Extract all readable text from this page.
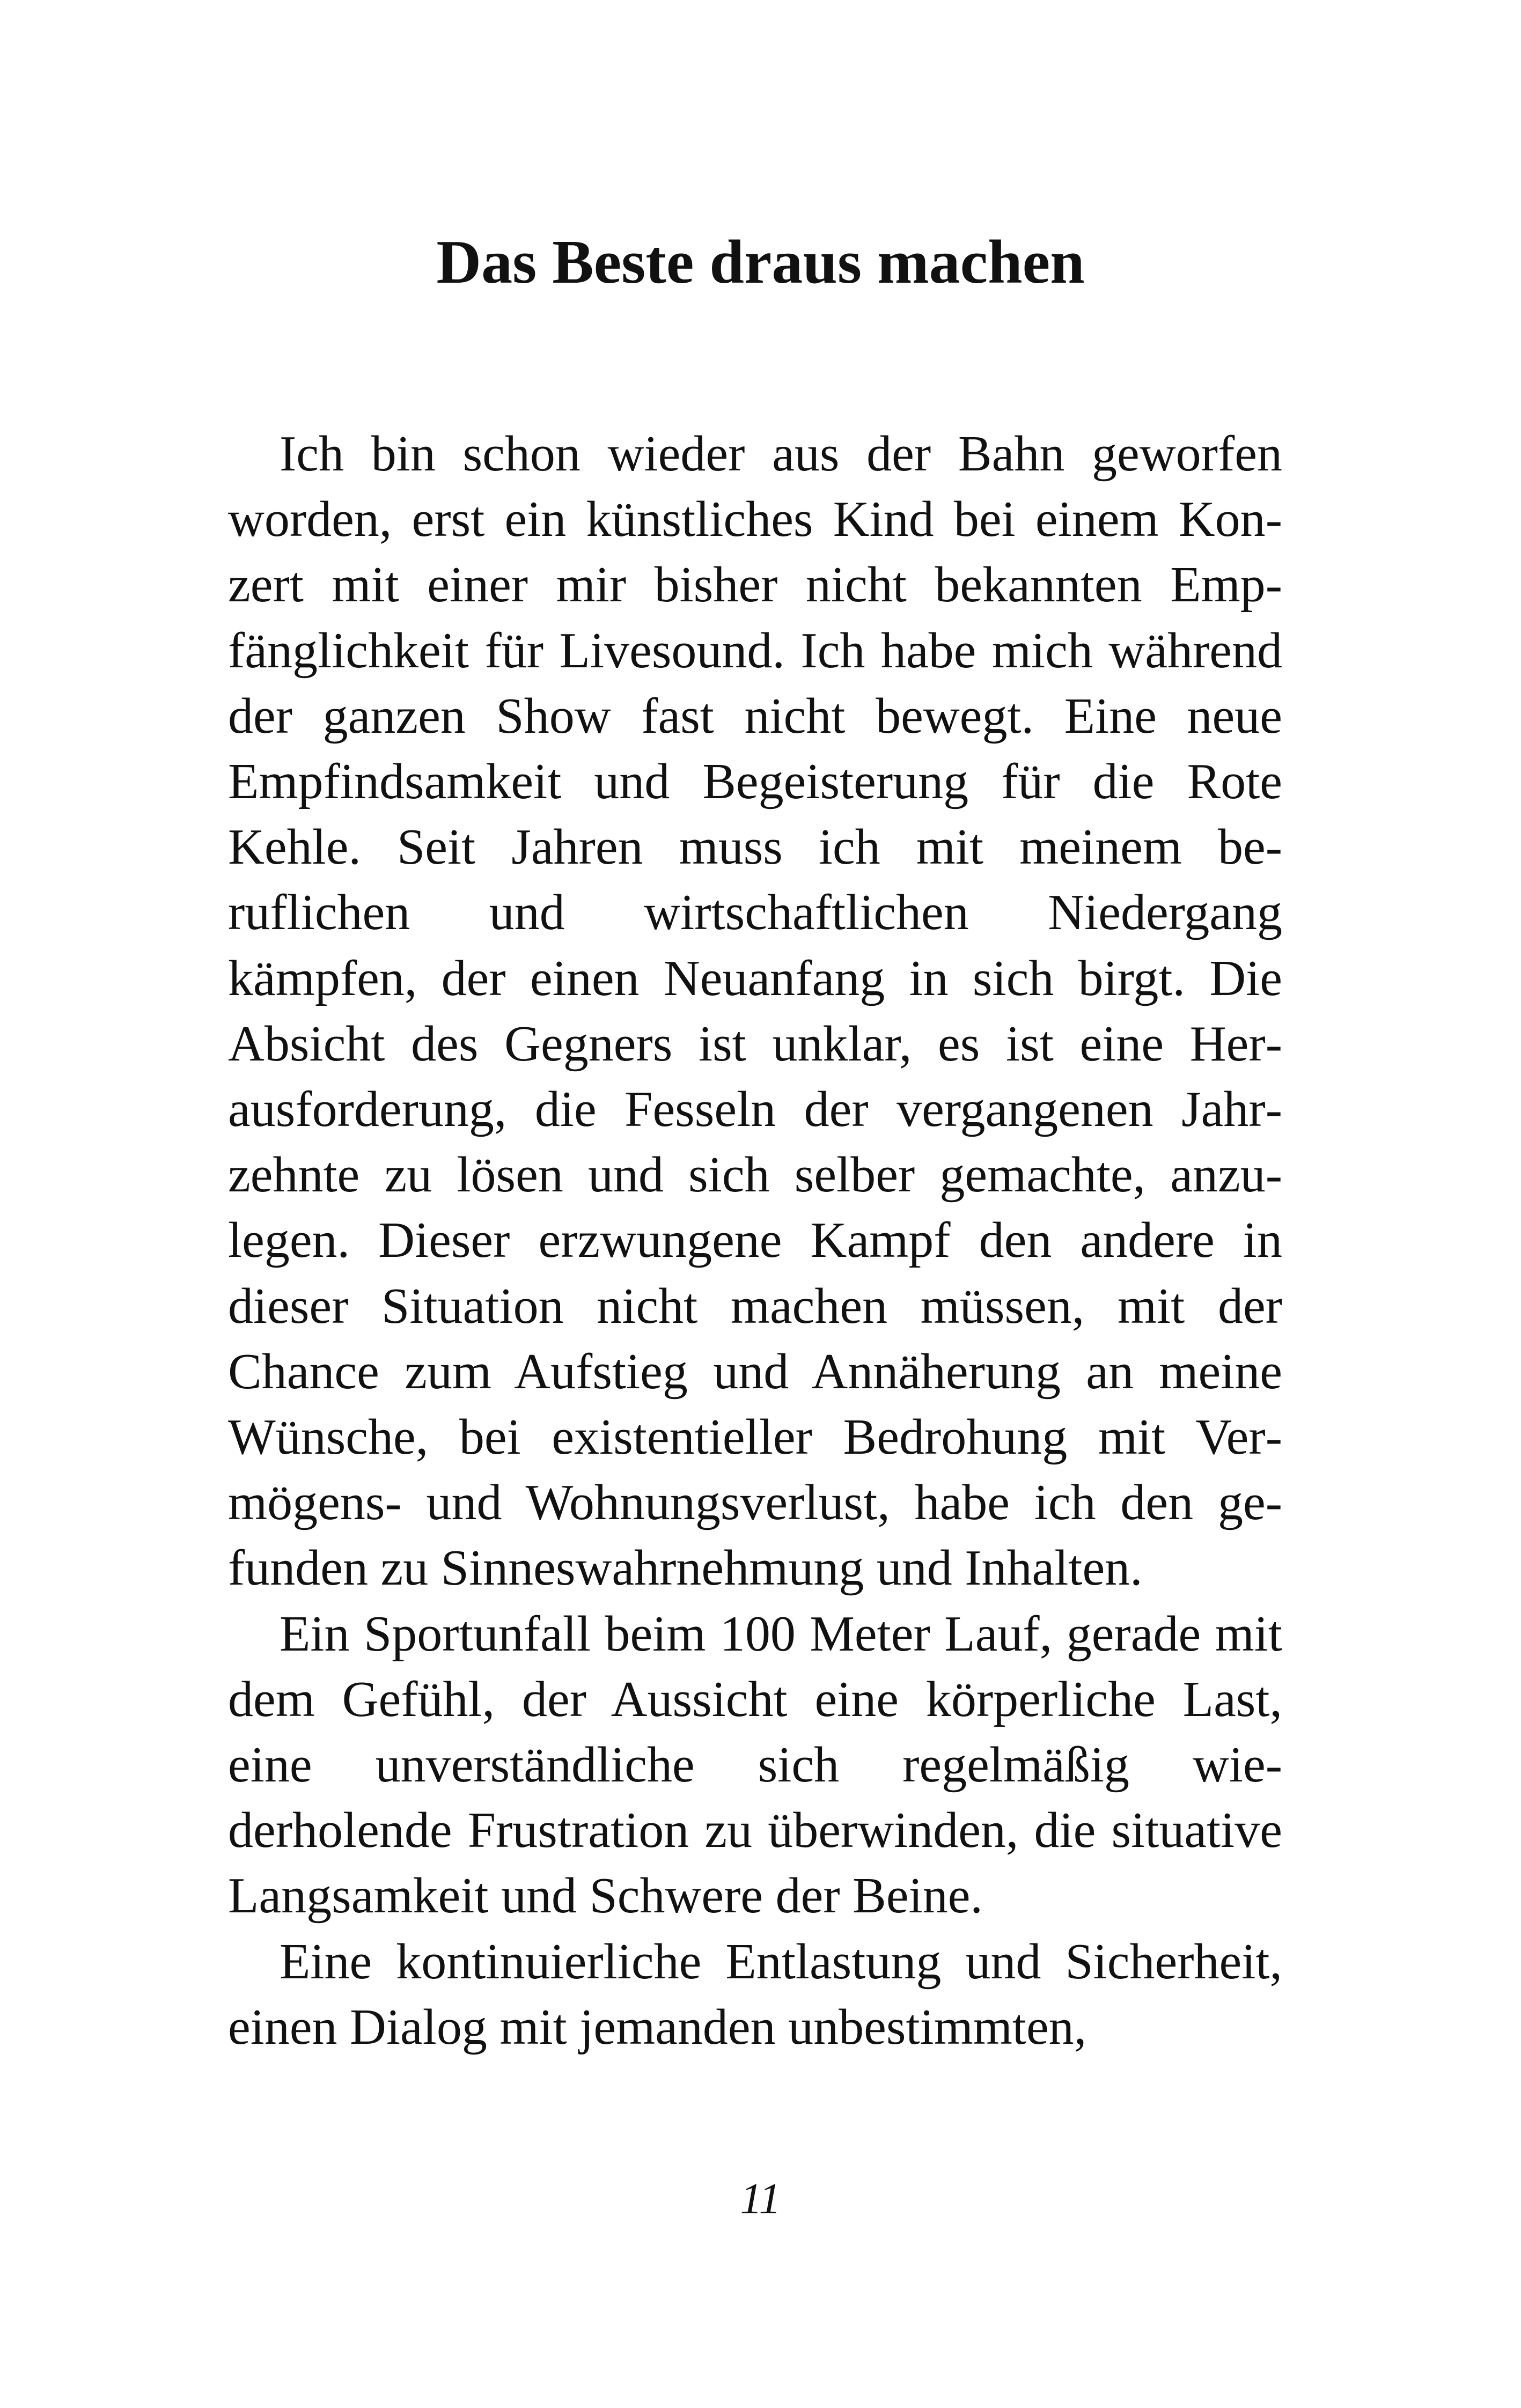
Das Beste draus machen

Ich bin schon wieder aus der Bahn geworfen worden, erst ein künstliches Kind bei einem Konzert mit einer mir bisher nicht bekannten Empfänglichkeit für Livesound. Ich habe mich während der ganzen Show fast nicht bewegt. Eine neue Empfindsamkeit und Begeisterung für die Rote Kehle. Seit Jahren muss ich mit meinem beruflichen und wirtschaftlichen Niedergang kämpfen, der einen Neuanfang in sich birgt. Die Absicht des Gegners ist unklar, es ist eine Herausforderung, die Fesseln der vergangenen Jahrzehnte zu lösen und sich selber gemachte, anzulegen. Dieser erzwungene Kampf den andere in dieser Situation nicht machen müssen, mit der Chance zum Aufstieg und Annäherung an meine Wünsche, bei existentieller Bedrohung mit Vermögens- und Wohnungsverlust, habe ich den gefunden zu Sinneswahrnehmung und Inhalten.

Ein Sportunfall beim 100 Meter Lauf, gerade mit dem Gefühl, der Aussicht eine körperliche Last, eine unverständliche sich regelmäßig wiederholende Frustration zu überwinden, die situative Langsamkeit und Schwere der Beine.

Eine kontinuierliche Entlastung und Sicherheit, einen Dialog mit jemanden unbestimmten,

11
